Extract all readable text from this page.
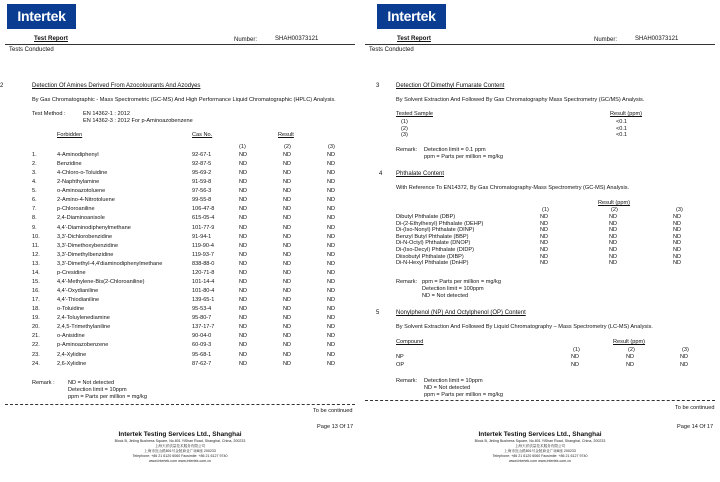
Intertek
Test Report	Number:	SHAH00373121
Tests Conducted
2	Detection Of Amines Derived From Azocolourants And Azodyes
By Gas Chromatographic - Mass Spectrometric (GC-MS) And High Performance Liquid Chromatographic (HPLC) Analysis.
Test Method :	EN 14362-1 : 2012
EN 14362-3 : 2012 For p-Aminoazobenzene
Forbidden	Cas No.	Result
(1)	(2)	(3)
1.	4-Aminodiphenyl	92-67-1	ND	ND	ND
2.	Benzidine	92-87-5	ND	ND	ND
3.	4-Chloro-o-Toluidine	95-69-2	ND	ND	ND
4.	2-Naphthylamine	91-59-8	ND	ND	ND
5.	o-Aminoazotoluene	97-56-3	ND	ND	ND
6.	2-Amino-4-Nitrotoluene	99-55-8	ND	ND	ND
7.	p-Chloroaniline	106-47-8	ND	ND	ND
8.	2,4-Diaminoanisole	615-05-4	ND	ND	ND
9.	4,4'-Diaminodiphenylmethane	101-77-9	ND	ND	ND
10.	3,3'-Dichlorobenzidine	91-94-1	ND	ND	ND
11.	3,3'-Dimethoxybenzidine	119-90-4	ND	ND	ND
12.	3,3'-Dimethylbenzidine	119-93-7	ND	ND	ND
13.	3,3'-Dimethyl-4,4'diaminodiphenylmethane	838-88-0	ND	ND	ND
14.	p-Cresidine	120-71-8	ND	ND	ND
15.	4,4'-Methylene-Bis(2-Chloroaniline)	101-14-4	ND	ND	ND
16.	4,4'-Oxydianiline	101-80-4	ND	ND	ND
17.	4,4'-Thiodianiline	139-65-1	ND	ND	ND
18.	o-Toluidine	95-53-4	ND	ND	ND
19.	2,4-Toluylenediamine	95-80-7	ND	ND	ND
20.	2,4,5-Trimethylaniline	137-17-7	ND	ND	ND
21.	o-Anisidine	90-04-0	ND	ND	ND
22.	p-Aminoazobenzene	60-09-3	ND	ND	ND
23.	2,4-Xylidine	95-68-1	ND	ND	ND
24.	2,6-Xylidine	87-62-7	ND	ND	ND
Remark : ND = Not detected
Detection limit = 10ppm
ppm = Parts per million = mg/kg
To be continued
Page 13 Of 17
Intertek Testing Services Ltd., Shanghai
Block B, Jinling Business Square, No.801 YiShan Road, Shanghai, China, 200233
上海天祥质量技术服务有限公司
上海市宜山路801号金陵商业广场B座 200233
Telephone: +86 21 6120 6060 Facsimile: +86 21 6127 9740
www.intertek.com www.intertek.com.cn
Intertek
Test Report	Number:	SHAH00373121
Tests Conducted
3	Detection Of Dimethyl Fumarate Content
By Solvent Extraction And Followed By Gas Chromatography Mass Spectrometry (GC/MS) Analysis.
Tested Sample	Result (ppm)
(1)	<0.1
(2)	<0.1
(3)	<0.1
Remark: Detection limit = 0.1 ppm
ppm = Parts per million = mg/kg
4 Phthalate Content
With Reference To EN14372, By Gas Chromatography-Mass Spectrometry (GC-MS) Analysis.
Result (ppm)
(1)	(2)	(3)
Dibutyl Phthalate (DBP)	ND	ND	ND
Di-(2-Ethylhexyl) Phthalate (DEHP)	ND	ND	ND
Di-(Iso-Nonyl) Phthalate (DINP)	ND	ND	ND
Benzyl Butyl Phthalate (BBP)	ND	ND	ND
Di-N-Octyl) Phthalate (DNOP)	ND	ND	ND
Di-(Iso-Decyl) Phthalate (DIDP)	ND	ND	ND
Diisobutyl Phthalate (DIBP)	ND	ND	ND
Di-N-Hexyl Phthalate (DnHP)	ND	ND	ND
Remark: ppm = Parts per million = mg/kg
Detection limit = 100ppm
ND = Not detected
5	Nonylphenol (NP) And Octylphenol (OP) Content
By Solvent Extraction And Followed By Liquid Chromatography – Mass Spectrometry (LC-MS) Analysis.
Compound	Result (ppm)
(1)	(2)	(3)
NP	ND	ND	ND
OP	ND	ND	ND
Remark: Detection limit = 10ppm
ND = Not detected
ppm = Parts per million = mg/kg
To be continued
Page 14 Of 17
Intertek Testing Services Ltd., Shanghai
Block B, Jinling Business Square, No.801 YiShan Road, Shanghai, China, 200233
上海天祥质量技术服务有限公司
上海市宜山路801号金陵商业广场B座 200233
Telephone: +86 21 6120 6060 Facsimile: +86 21 6127 9740
www.intertek.com www.intertek.com.cn
